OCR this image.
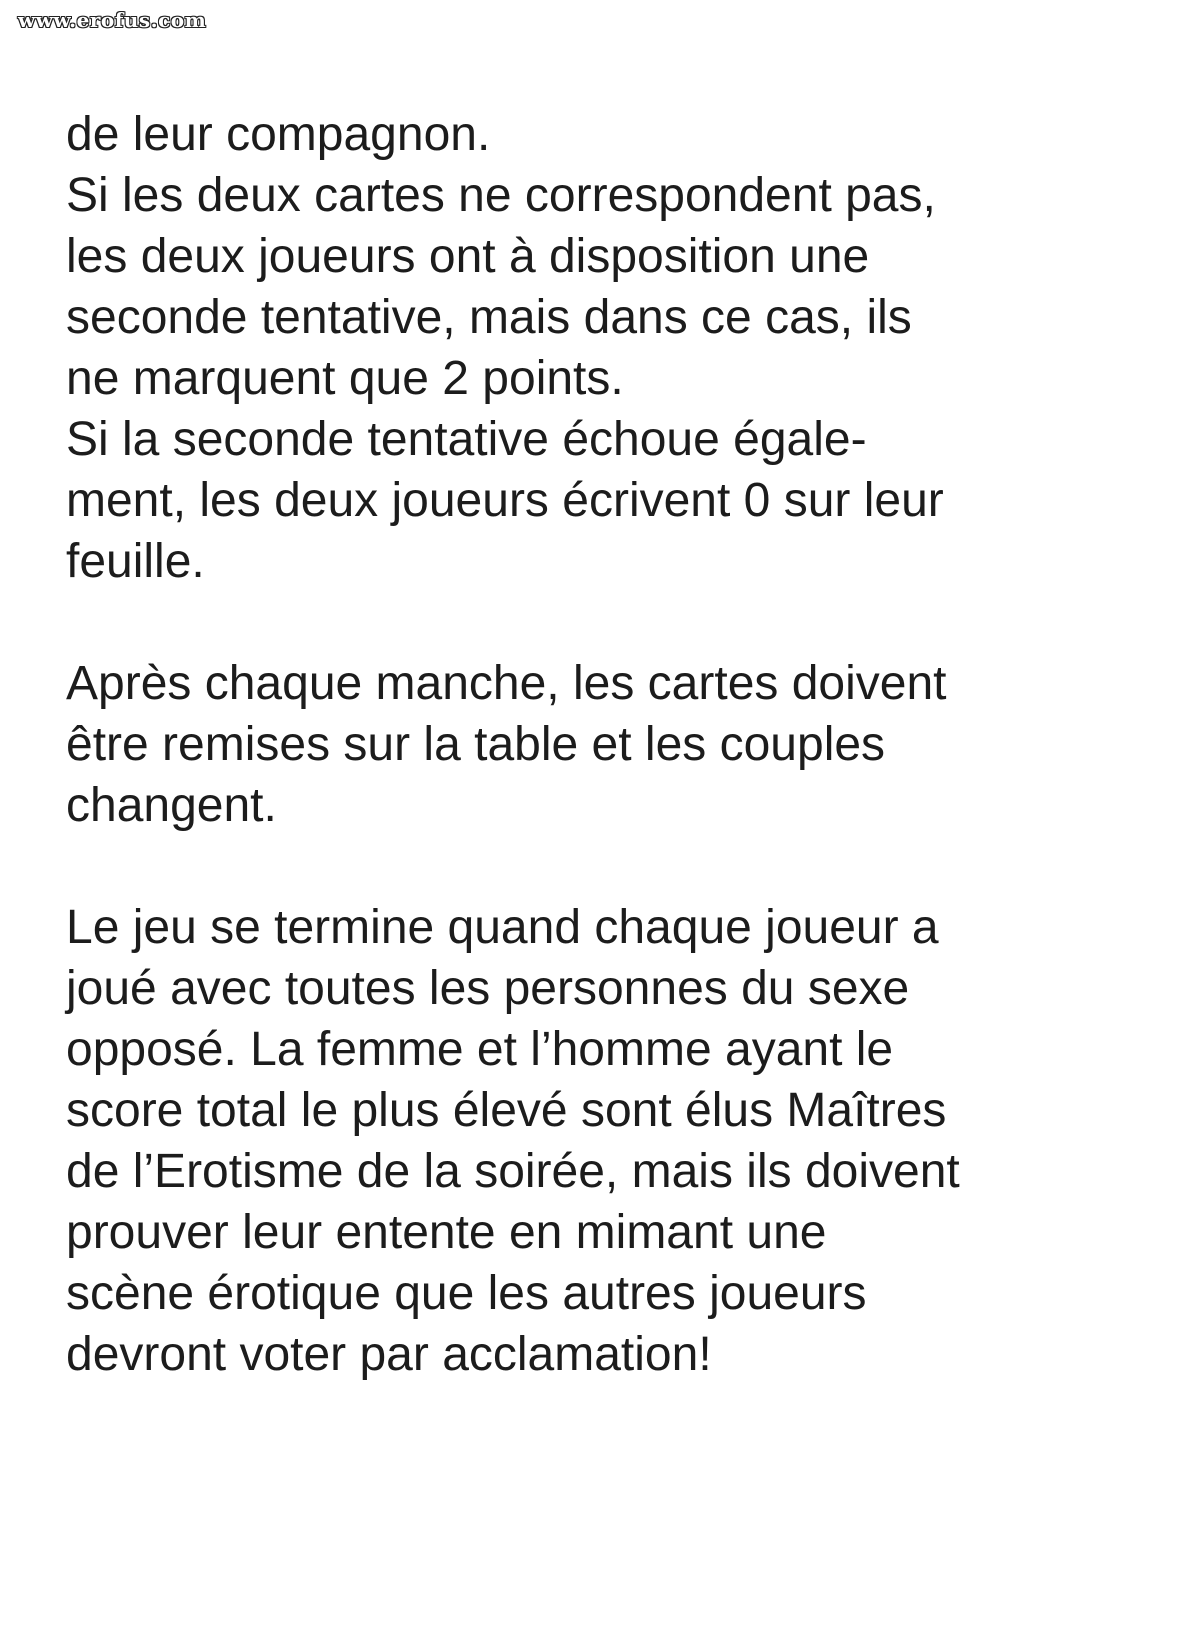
www.erofus.com

de leur compagnon.
Si les deux cartes ne correspondent pas,
les deux joueurs ont à disposition une
seconde tentative, mais dans ce cas, ils
ne marquent que 2 points.
Si la seconde tentative échoue égale-
ment, les deux joueurs écrivent 0 sur leur
feuille.

Après chaque manche, les cartes doivent
être remises sur la table et les couples
changent.

Le jeu se termine quand chaque joueur a
joué avec toutes les personnes du sexe
opposé. La femme et l’homme ayant le
score total le plus élevé sont élus Maîtres
de l’Erotisme de la soirée, mais ils doivent
prouver leur entente en mimant une
scène érotique que les autres joueurs
devront voter par acclamation!
